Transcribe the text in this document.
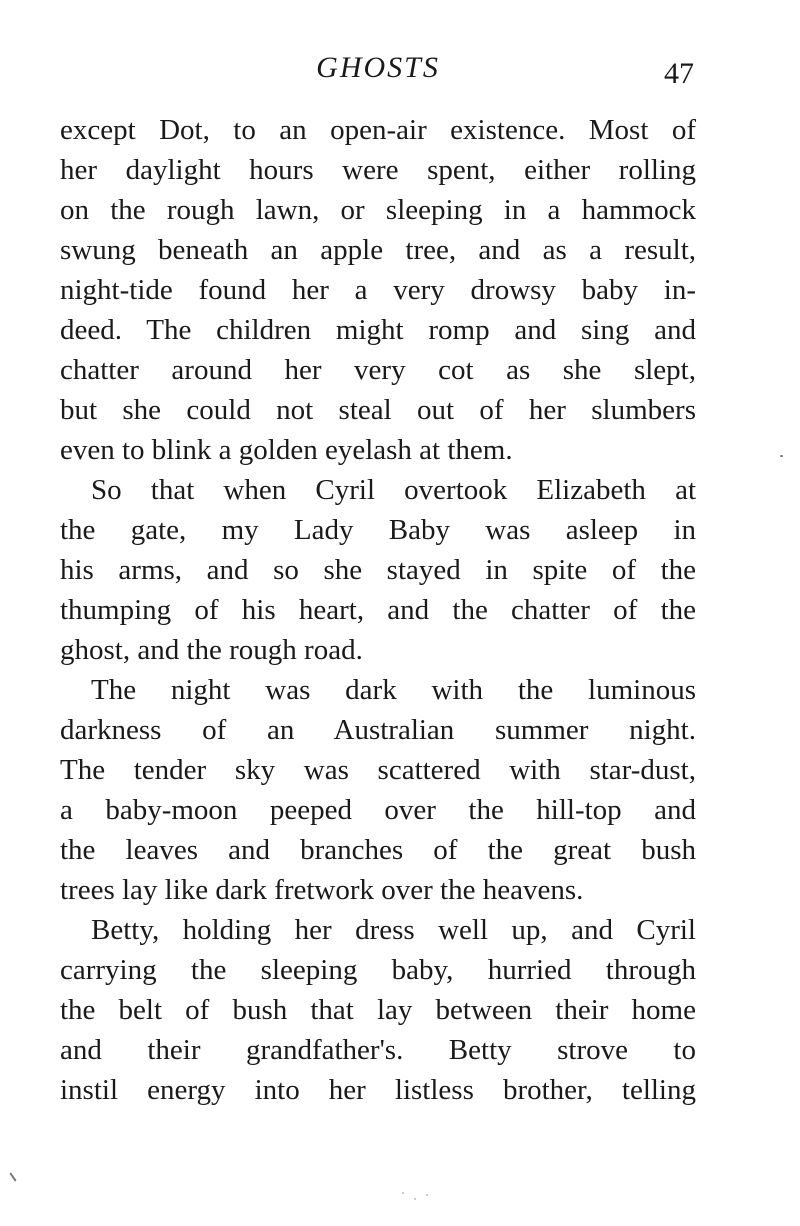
GHOSTS	47
except Dot, to an open-air existence. Most of
her daylight hours were spent, either rolling
on the rough lawn, or sleeping in a hammock
swung beneath an apple tree, and as a result,
night-tide found her a very drowsy baby in-
deed. The children might romp and sing and
chatter around her very cot as she slept,
but she could not steal out of her slumbers
even to blink a golden eyelash at them.
So that when Cyril overtook Elizabeth at
the gate, my Lady Baby was asleep in
his arms, and so she stayed in spite of the
thumping of his heart, and the chatter of the
ghost, and the rough road.
The night was dark with the luminous
darkness of an Australian summer night.
The tender sky was scattered with star-dust,
a baby-moon peeped over the hill-top and
the leaves and branches of the great bush
trees lay like dark fretwork over the heavens.
Betty, holding her dress well up, and Cyril
carrying the sleeping baby, hurried through
the belt of bush that lay between their home
and their grandfather's. Betty strove to
instil energy into her listless brother, telling
